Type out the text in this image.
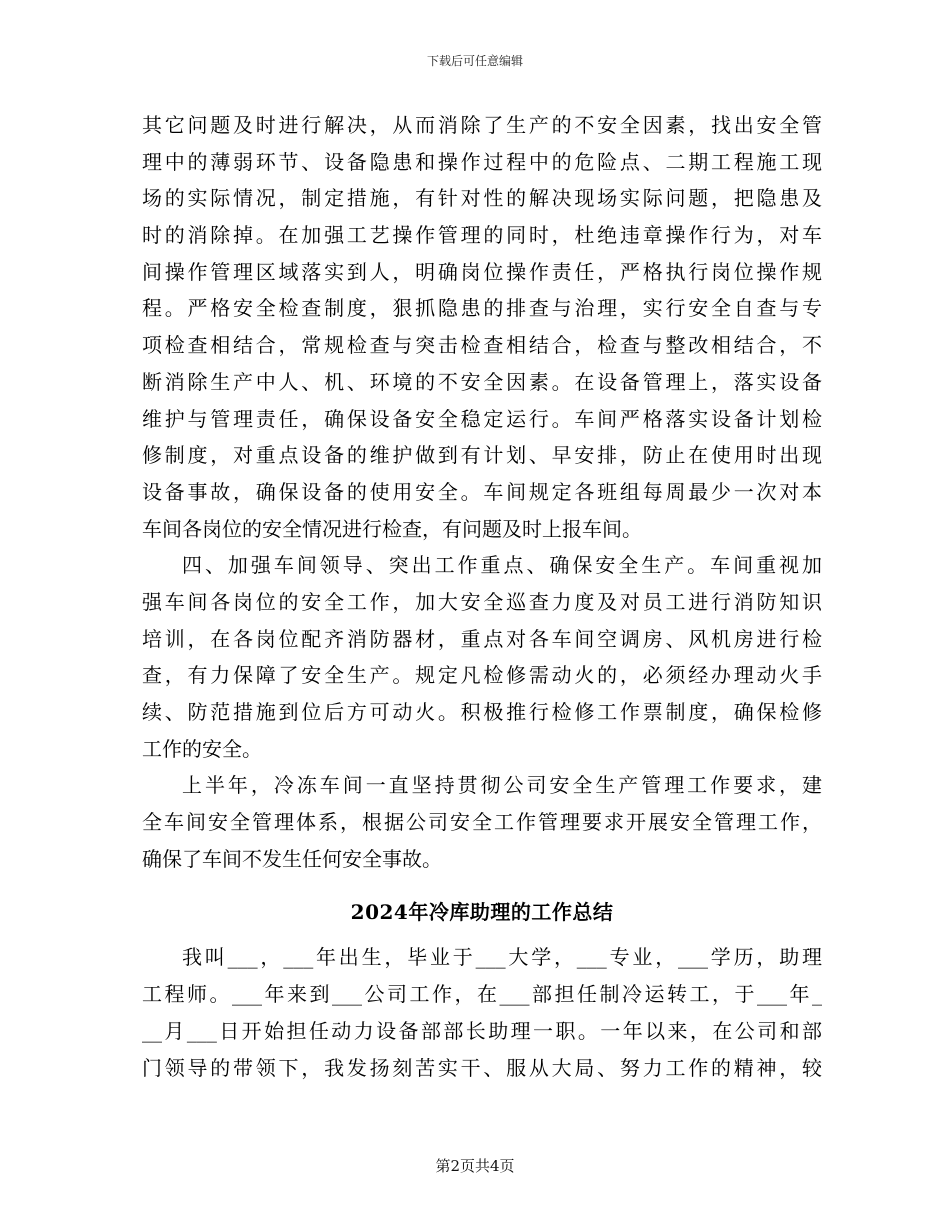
下载后可任意编辑
其它问题及时进行解决，从而消除了生产的不安全因素，找出安全管
理中的薄弱环节、设备隐患和操作过程中的危险点、二期工程施工现
场的实际情况，制定措施，有针对性的解决现场实际问题，把隐患及
时的消除掉。在加强工艺操作管理的同时，杜绝违章操作行为，对车
间操作管理区域落实到人，明确岗位操作责任，严格执行岗位操作规
程。严格安全检查制度，狠抓隐患的排查与治理，实行安全自查与专
项检查相结合，常规检查与突击检查相结合，检查与整改相结合，不
断消除生产中人、机、环境的不安全因素。在设备管理上，落实设备
维护与管理责任，确保设备安全稳定运行。车间严格落实设备计划检
修制度，对重点设备的维护做到有计划、早安排，防止在使用时出现
设备事故，确保设备的使用安全。车间规定各班组每周最少一次对本
车间各岗位的安全情况进行检查，有问题及时上报车间。
四、加强车间领导、突出工作重点、确保安全生产。车间重视加
强车间各岗位的安全工作，加大安全巡查力度及对员工进行消防知识
培训，在各岗位配齐消防器材，重点对各车间空调房、风机房进行检
查，有力保障了安全生产。规定凡检修需动火的，必须经办理动火手
续、防范措施到位后方可动火。积极推行检修工作票制度，确保检修
工作的安全。
上半年，冷冻车间一直坚持贯彻公司安全生产管理工作要求，建
全车间安全管理体系，根据公司安全工作管理要求开展安全管理工作，
确保了车间不发生任何安全事故。
2024年冷库助理的工作总结
我叫___，___年出生，毕业于___大学，___专业，___学历，助理
工程师。___年来到___公司工作，在___部担任制冷运转工，于___年_
__月___日开始担任动力设备部部长助理一职。一年以来，在公司和部
门领导的带领下，我发扬刻苦实干、服从大局、努力工作的精神，较
第2页共4页
